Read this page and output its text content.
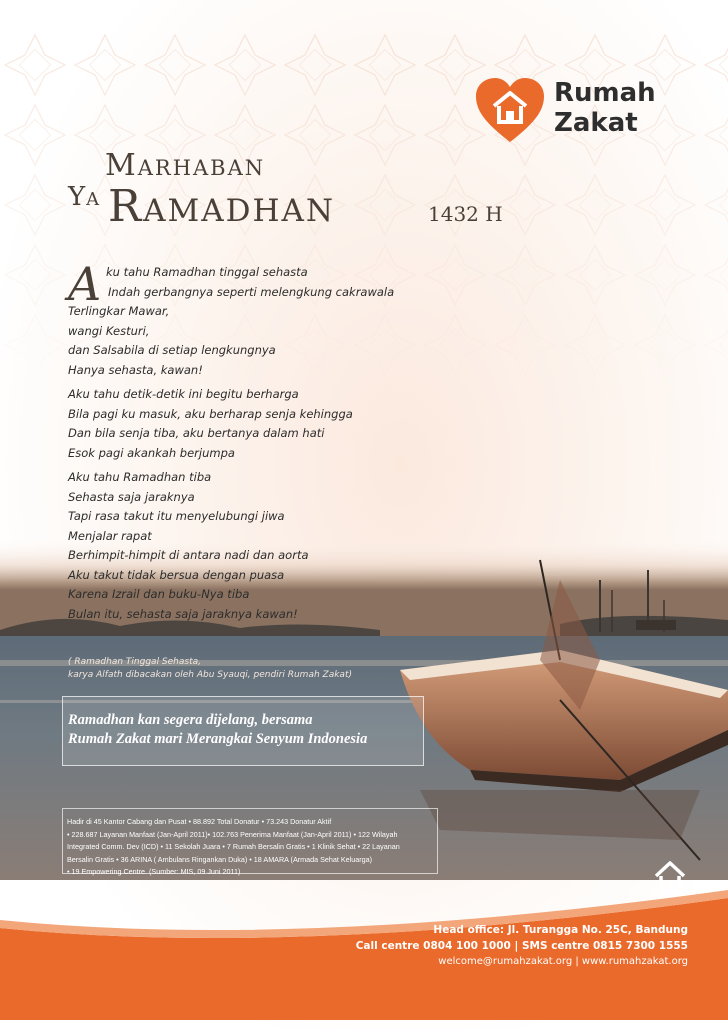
Rumah
Zakat
Marhaban
Ya Ramadhan	1432 H
A ku tahu Ramadhan tinggal sehasta
Indah gerbangnya seperti melengkung cakrawala
Terlingkar Mawar,
wangi Kesturi,
dan Salsabila di setiap lengkungnya
Hanya sehasta, kawan!
Aku tahu detik-detik ini begitu berharga
Bila pagi ku masuk, aku berharap senja kehingga
Dan bila senja tiba, aku bertanya dalam hati
Esok pagi akankah berjumpa
Aku tahu Ramadhan tiba
Sehasta saja jaraknya
Tapi rasa takut itu menyelubungi jiwa
Menjalar rapat
Berhimpit-himpit di antara nadi dan aorta
Aku takut tidak bersua dengan puasa
Karena Izrail dan buku-Nya tiba
Bulan itu, sehasta saja jaraknya kawan!
( Ramadhan Tinggal Sehasta,
karya Alfath dibacakan oleh Abu Syauqi, pendiri Rumah Zakat)
Ramadhan kan segera dijelang, bersama
Rumah Zakat mari Merangkai Senyum Indonesia
Hadir di 45 Kantor Cabang dan Pusat • 88.892 Total Donatur • 73.243 Donatur Aktif
• 228.687 Layanan Manfaat (Jan-April 2011)• 102.763 Penerima Manfaat (Jan-April 2011) • 122 Wilayah
Integrated Comm. Dev (ICD) • 11 Sekolah Juara • 7 Rumah Bersalin Gratis • 1 Klinik Sehat • 22 Layanan
Bersalin Gratis • 36 ARINA ( Ambulans Ringankan Duka) • 18 AMARA (Armada Sehat Keluarga)
• 19 Empowering Centre. (Sumber: MIS, 09 Juni 2011)
Head office: Jl. Turangga No. 25C, Bandung
Call centre 0804 100 1000 | SMS centre 0815 7300 1555
welcome@rumahzakat.org | www.rumahzakat.org
